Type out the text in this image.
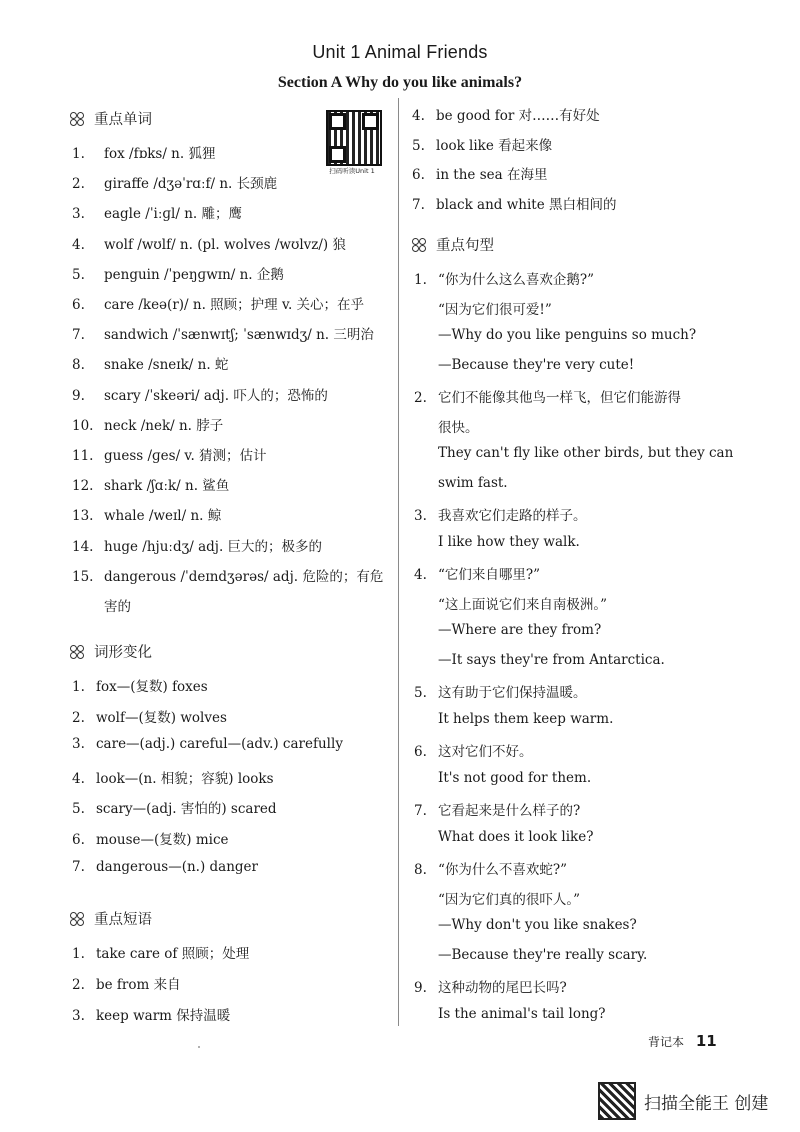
Unit 1 Animal Friends
Section A Why do you like animals?
扫码听读Unit 1
重点单词
1. fox /fɒks/ n. 狐狸
2. giraffe /dʒəˈrɑːf/ n. 长颈鹿
3. eagle /ˈiːɡl/ n. 雕；鹰
4. wolf /wʊlf/ n. (pl. wolves /wʊlvz/) 狼
5. penguin /ˈpeŋɡwɪn/ n. 企鹅
6. care /keə(r)/ n. 照顾；护理 v. 关心；在乎
7. sandwich /ˈsænwɪtʃ; ˈsænwɪdʒ/ n. 三明治
8. snake /sneɪk/ n. 蛇
9. scary /ˈskeəri/ adj. 吓人的；恐怖的
10. neck /nek/ n. 脖子
11. guess /ɡes/ v. 猜测；估计
12. shark /ʃɑːk/ n. 鲨鱼
13. whale /weɪl/ n. 鲸
14. huge /hjuːdʒ/ adj. 巨大的；极多的
15. dangerous /ˈdeɪndʒərəs/ adj. 危险的；有危
害的
词形变化
1. fox—(复数) foxes
2. wolf—(复数) wolves
3. care—(adj.) careful—(adv.) carefully
4. look—(n. 相貌；容貌) looks
5. scary—(adj. 害怕的) scared
6. mouse—(复数) mice
7. dangerous—(n.) danger
重点短语
1. take care of 照顾；处理
2. be from 来自
3. keep warm 保持温暖
4. be good for 对……有好处
5. look like 看起来像
6. in the sea 在海里
7. black and white 黑白相间的
重点句型
1. “你为什么这么喜欢企鹅?”
“因为它们很可爱!”
—Why do you like penguins so much?
—Because they're very cute!
2. 它们不能像其他鸟一样飞，但它们能游得
很快。
They can't fly like other birds, but they can
swim fast.
3. 我喜欢它们走路的样子。
I like how they walk.
4. “它们来自哪里?”
“这上面说它们来自南极洲。”
—Where are they from?
—It says they're from Antarctica.
5. 这有助于它们保持温暖。
It helps them keep warm.
6. 这对它们不好。
It's not good for them.
7. 它看起来是什么样子的?
What does it look like?
8. “你为什么不喜欢蛇?”
“因为它们真的很吓人。”
—Why don't you like snakes?
—Because they're really scary.
9. 这种动物的尾巴长吗?
Is the animal's tail long?
背记本 11
扫描全能王 创建
